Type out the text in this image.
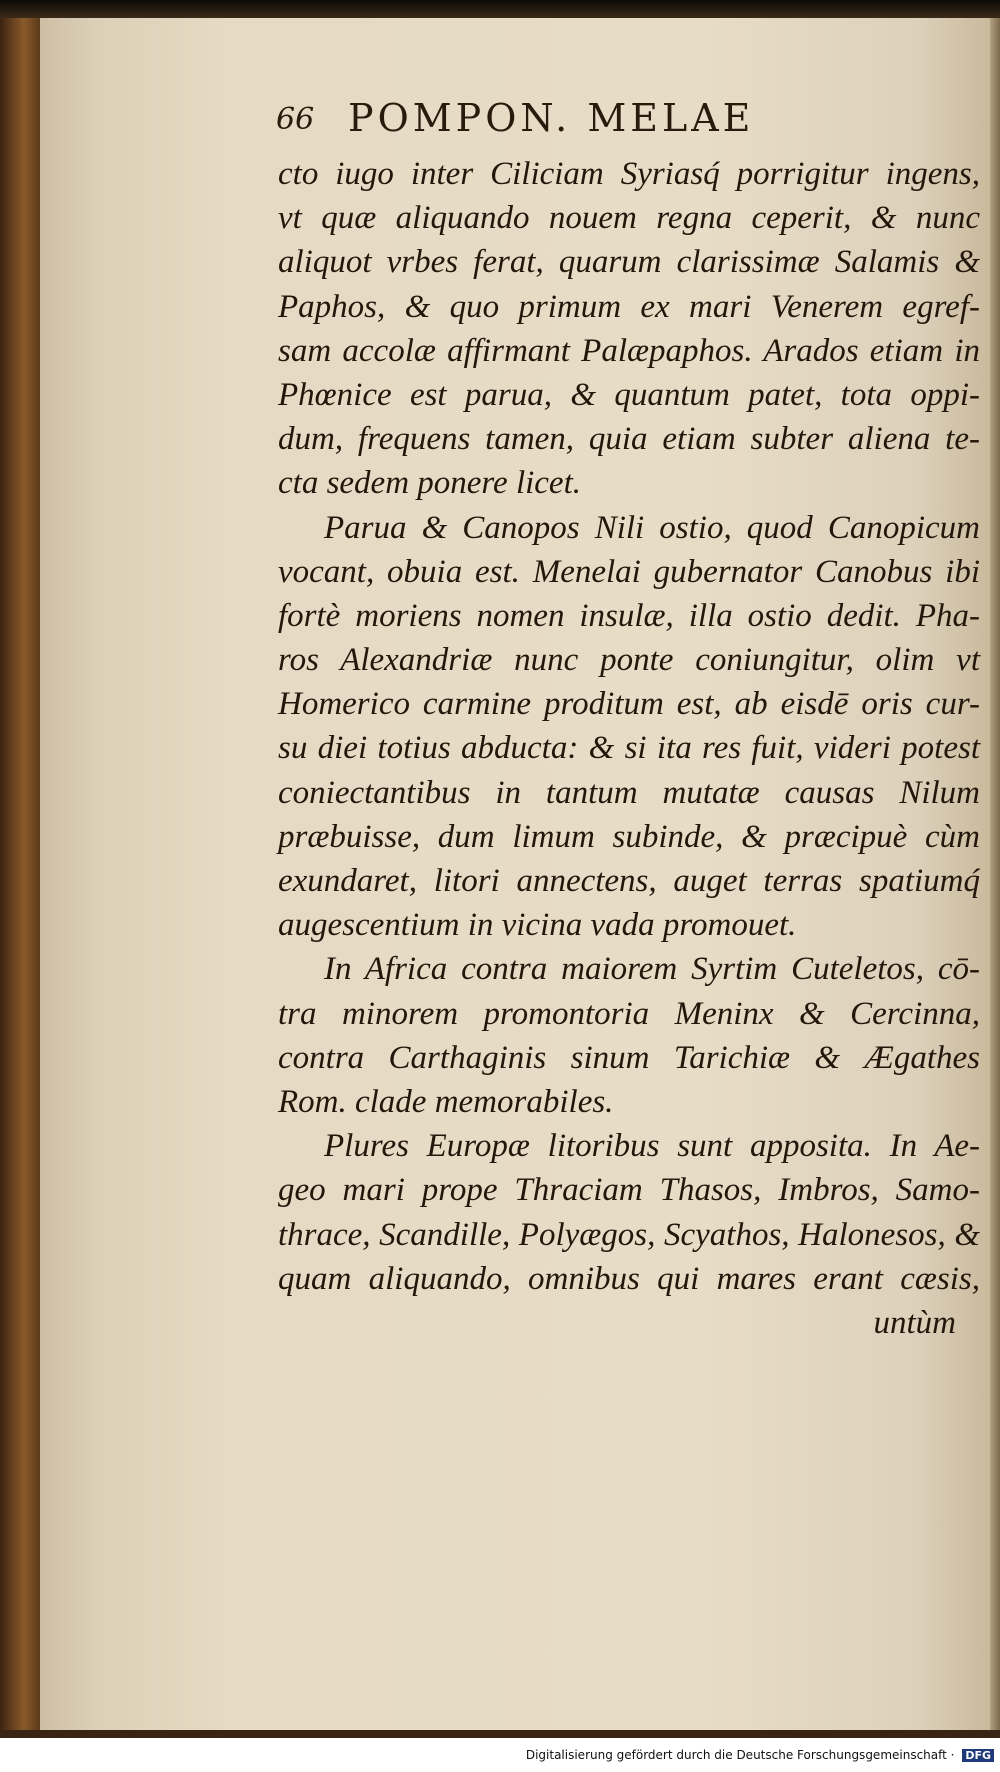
66 POMPON. MELAE
cto iugo inter Ciliciam Syriasq́ porrigitur ingens,
vt quæ aliquando nouem regna ceperit, & nunc
aliquot vrbes ferat, quarum clarissimæ Salamis &
Paphos, & quo primum ex mari Venerem egref-
sam accolæ affirmant Palæpaphos. Arados etiam in
Phœnice est parua, & quantum patet, tota oppi-
dum, frequens tamen, quia etiam subter aliena te-
cta sedem ponere licet.
Parua & Canopos Nili ostio, quod Canopicum
vocant, obuia est. Menelai gubernator Canobus ibi
fortè moriens nomen insulæ, illa ostio dedit. Pha-
ros Alexandriæ nunc ponte coniungitur, olim vt
Homerico carmine proditum est, ab eisdē oris cur-
su diei totius abducta: & si ita res fuit, videri potest
coniectantibus in tantum mutatæ causas Nilum
præbuisse, dum limum subinde, & præcipuè cùm
exundaret, litori annectens, auget terras spatiumq́
augescentium in vicina vada promouet.
In Africa contra maiorem Syrtim Cuteletos, cō-
tra minorem promontoria Meninx & Cercinna,
contra Carthaginis sinum Tarichiæ & Ægathes
Rom. clade memorabiles.
Plures Europæ litoribus sunt apposita. In Ae-
geo mari prope Thraciam Thasos, Imbros, Samo-
thrace, Scandille, Polyægos, Scyathos, Halonesos, &
quam aliquando, omnibus qui mares erant cæsis,
untùm
Digitalisierung gefördert durch die Deutsche Forschungsgemeinschaft · DFG
